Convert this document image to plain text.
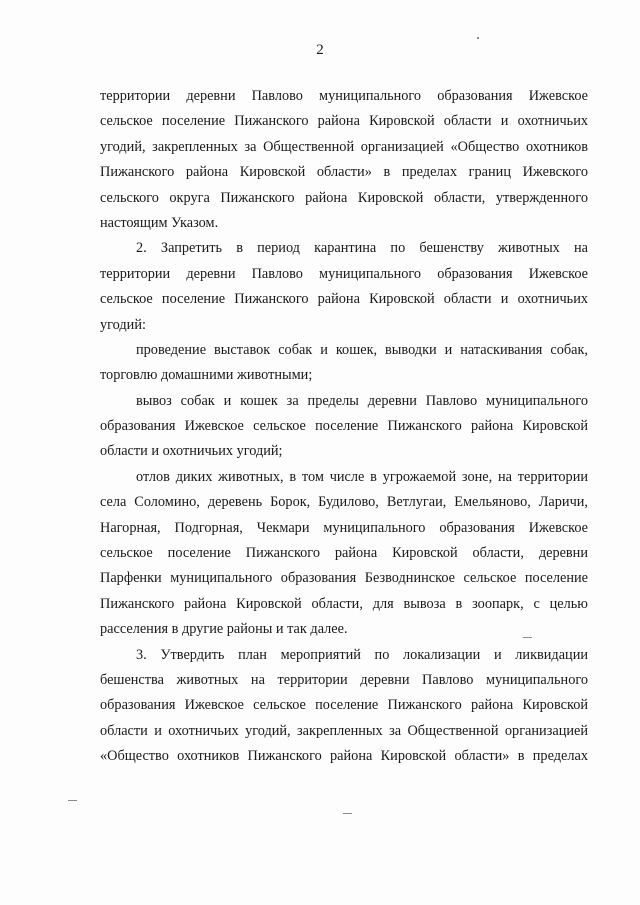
2
территории деревни Павлово муниципального образования Ижевское
сельское поселение Пижанского района Кировской области и охотничьих
угодий, закрепленных за Общественной организацией «Общество охотников
Пижанского района Кировской области» в пределах границ Ижевского
сельского округа Пижанского района Кировской области, утвержденного
настоящим Указом.
2. Запретить в период карантина по бешенству животных на
территории деревни Павлово муниципального образования Ижевское
сельское поселение Пижанского района Кировской области и охотничьих
угодий:
проведение выставок собак и кошек, выводки и натаскивания собак,
торговлю домашними животными;
вывоз собак и кошек за пределы деревни Павлово муниципального
образования Ижевское сельское поселение Пижанского района Кировской
области и охотничьих угодий;
отлов диких животных, в том числе в угрожаемой зоне, на территории
села Соломино, деревень Борок, Будилово, Ветлугаи, Емельяново, Ларичи,
Нагорная, Подгорная, Чекмари муниципального образования Ижевское
сельское поселение Пижанского района Кировской области, деревни
Парфенки муниципального образования Безводнинское сельское поселение
Пижанского района Кировской области, для вывоза в зоопарк, с целью
расселения в другие районы и так далее.
3. Утвердить план мероприятий по локализации и ликвидации
бешенства животных на территории деревни Павлово муниципального
образования Ижевское сельское поселение Пижанского района Кировской
области и охотничьих угодий, закрепленных за Общественной организацией
«Общество охотников Пижанского района Кировской области» в пределах
